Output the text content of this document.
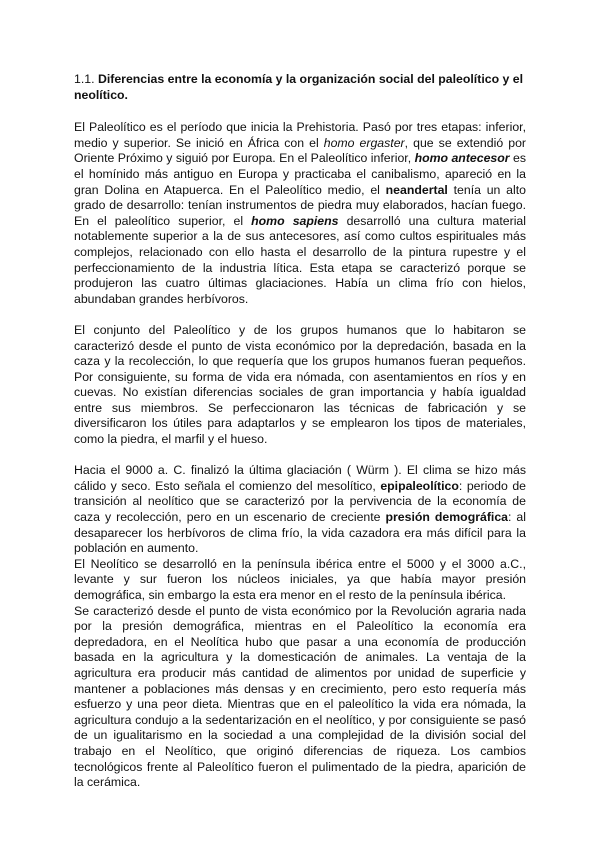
1.1. Diferencias entre la economía y la organización social del paleolítico y el neolítico.

El Paleolítico es el período que inicia la Prehistoria. Pasó por tres etapas: inferior, medio y superior. Se inició en África con el homo ergaster, que se extendió por Oriente Próximo y siguió por Europa. En el Paleolítico inferior, homo antecesor es el homínido más antiguo en Europa y practicaba el canibalismo, apareció en la gran Dolina en Atapuerca. En el Paleolítico medio, el neandertal tenía un alto grado de desarrollo: tenían instrumentos de piedra muy elaborados, hacían fuego. En el paleolítico superior, el homo sapiens desarrolló una cultura material notablemente superior a la de sus antecesores, así como cultos espirituales más complejos, relacionado con ello hasta el desarrollo de la pintura rupestre y el perfeccionamiento de la industria lítica. Esta etapa se caracterizó porque se produjeron las cuatro últimas glaciaciones. Había un clima frío con hielos, abundaban grandes herbívoros.

El conjunto del Paleolítico y de los grupos humanos que lo habitaron se caracterizó desde el punto de vista económico por la depredación, basada en la caza y la recolección, lo que requería que los grupos humanos fueran pequeños. Por consiguiente, su forma de vida era nómada, con asentamientos en ríos y en cuevas. No existían diferencias sociales de gran importancia y había igualdad entre sus miembros. Se perfeccionaron las técnicas de fabricación y se diversificaron los útiles para adaptarlos y se emplearon los tipos de materiales, como la piedra, el marfil y el hueso.

Hacia el 9000 a. C. finalizó la última glaciación ( Würm ). El clima se hizo más cálido y seco. Esto señala el comienzo del mesolítico, epipaleolítico: periodo de transición al neolítico que se caracterizó por la pervivencia de la economía de caza y recolección, pero en un escenario de creciente presión demográfica: al desaparecer los herbívoros de clima frío, la vida cazadora era más difícil para la población en aumento.

El Neolítico se desarrolló en la península ibérica entre el 5000 y el 3000 a.C., levante y sur fueron los núcleos iniciales, ya que había mayor presión demográfica, sin embargo la esta era menor en el resto de la península ibérica.

Se caracterizó desde el punto de vista económico por la Revolución agraria nada por la presión demográfica, mientras en el Paleolítico la economía era depredadora, en el Neolítica hubo que pasar a una economía de producción basada en la agricultura y la domesticación de animales. La ventaja de la agricultura era producir más cantidad de alimentos por unidad de superficie y mantener a poblaciones más densas y en crecimiento, pero esto requería más esfuerzo y una peor dieta. Mientras que en el paleolítico la vida era nómada, la agricultura condujo a la sedentarización en el neolítico, y por consiguiente se pasó de un igualitarismo en la sociedad a una complejidad de la división social del trabajo en el Neolítico, que originó diferencias de riqueza. Los cambios tecnológicos frente al Paleolítico fueron el pulimentado de la piedra, aparición de la cerámica.
